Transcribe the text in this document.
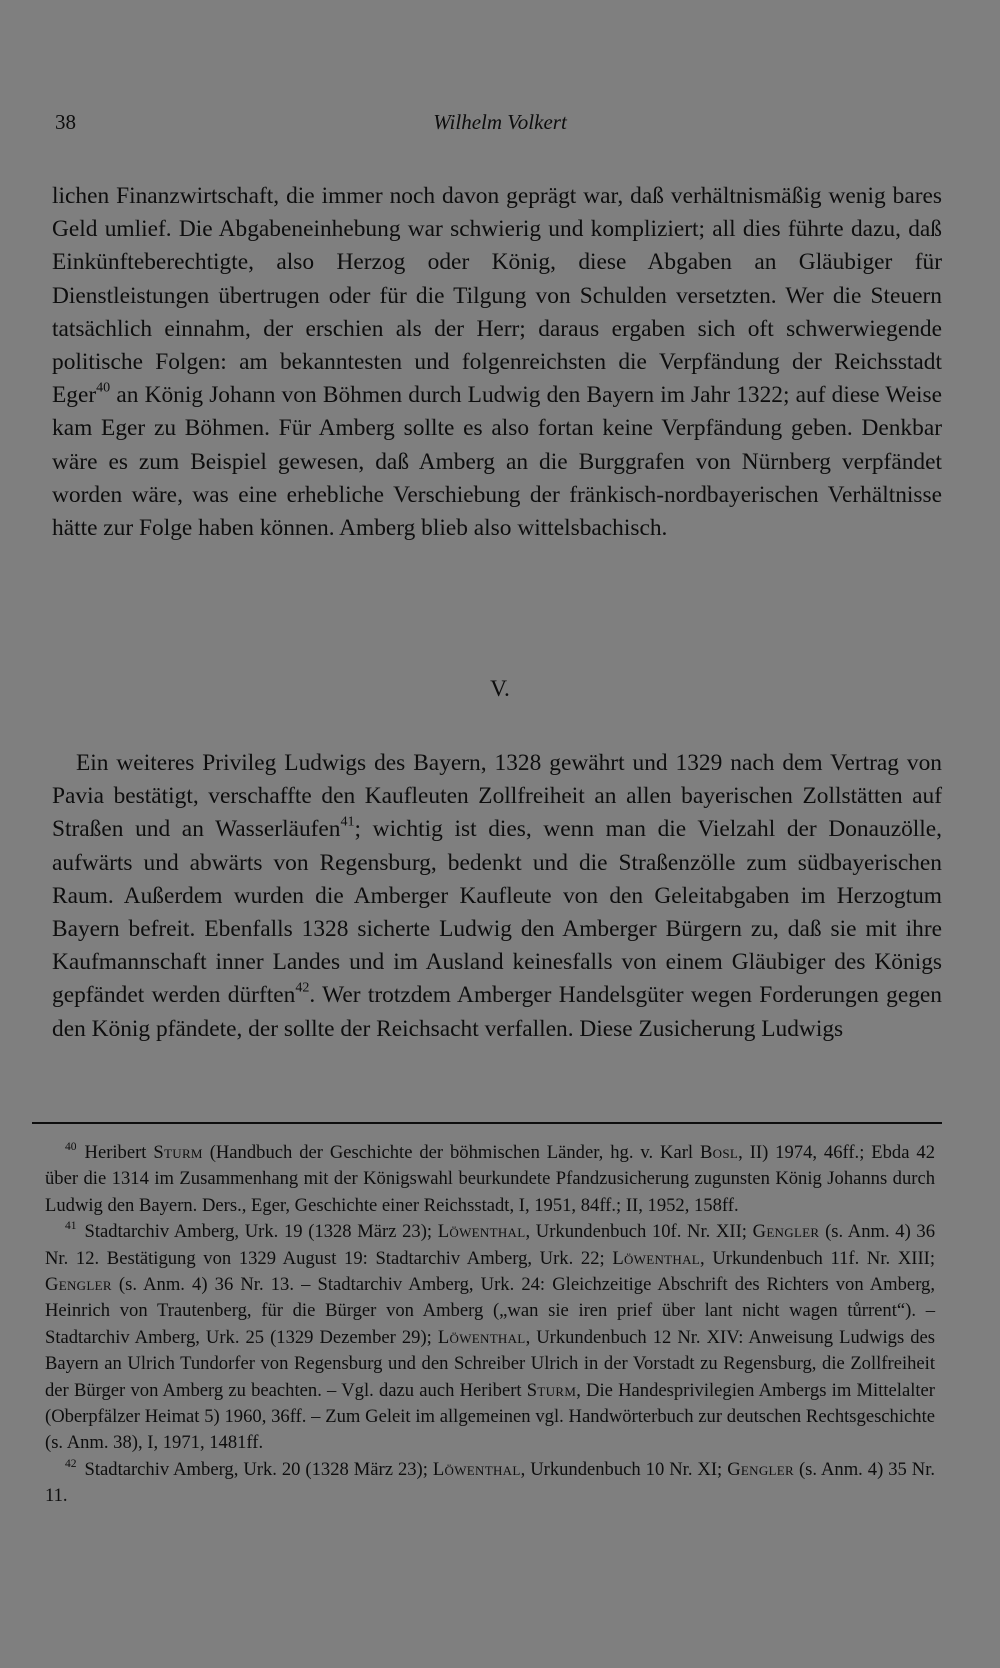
38	Wilhelm Volkert

lichen Finanzwirtschaft, die immer noch davon geprägt war, daß verhältnismäßig wenig bares Geld umlief. Die Abgabeneinhebung war schwierig und kompliziert; all dies führte dazu, daß Einkünfteberechtigte, also Herzog oder König, diese Abgaben an Gläubiger für Dienstleistungen übertrugen oder für die Tilgung von Schulden versetzten. Wer die Steuern tatsächlich einnahm, der erschien als der Herr; daraus ergaben sich oft schwerwiegende politische Folgen: am bekanntesten und folgenreichsten die Verpfändung der Reichsstadt Eger$^{40}$ an König Johann von Böhmen durch Ludwig den Bayern im Jahr 1322; auf diese Weise kam Eger zu Böhmen. Für Amberg sollte es also fortan keine Verpfändung geben. Denkbar wäre es zum Beispiel gewesen, daß Amberg an die Burggrafen von Nürnberg verpfändet worden wäre, was eine erhebliche Verschiebung der fränkisch-nordbayerischen Verhältnisse hätte zur Folge haben können. Amberg blieb also wittelsbachisch.

V.

Ein weiteres Privileg Ludwigs des Bayern, 1328 gewährt und 1329 nach dem Vertrag von Pavia bestätigt, verschaffte den Kaufleuten Zollfreiheit an allen bayerischen Zollstätten auf Straßen und an Wasserläufen$^{41}$; wichtig ist dies, wenn man die Vielzahl der Donauzölle, aufwärts und abwärts von Regensburg, bedenkt und die Straßenzölle zum südbayerischen Raum. Außerdem wurden die Amberger Kaufleute von den Geleitabgaben im Herzogtum Bayern befreit. Ebenfalls 1328 sicherte Ludwig den Amberger Bürgern zu, daß sie mit ihre Kaufmannschaft inner Landes und im Ausland keinesfalls von einem Gläubiger des Königs gepfändet werden dürften$^{42}$. Wer trotzdem Amberger Handelsgüter wegen Forderungen gegen den König pfändete, der sollte der Reichsacht verfallen. Diese Zusicherung Ludwigs

$^{40}$ Heribert Sturm (Handbuch der Geschichte der böhmischen Länder, hg. v. Karl Bosl, II) 1974, 46ff.; Ebda 42 über die 1314 im Zusammenhang mit der Königswahl beurkundete Pfandzusicherung zugunsten König Johanns durch Ludwig den Bayern. Ders., Eger, Geschichte einer Reichsstadt, I, 1951, 84ff.; II, 1952, 158ff.

$^{41}$ Stadtarchiv Amberg, Urk. 19 (1328 März 23); Löwenthal, Urkundenbuch 10f. Nr. XII; Gengler (s. Anm. 4) 36 Nr. 12. Bestätigung von 1329 August 19: Stadtarchiv Amberg, Urk. 22; Löwenthal, Urkundenbuch 11f. Nr. XIII; Gengler (s. Anm. 4) 36 Nr. 13. – Stadtarchiv Amberg, Urk. 24: Gleichzeitige Abschrift des Richters von Amberg, Heinrich von Trautenberg, für die Bürger von Amberg („wan sie iren prief über lant nicht wagen tůrrent“). – Stadtarchiv Amberg, Urk. 25 (1329 Dezember 29); Löwenthal, Urkundenbuch 12 Nr. XIV: Anweisung Ludwigs des Bayern an Ulrich Tundorfer von Regensburg und den Schreiber Ulrich in der Vorstadt zu Regensburg, die Zollfreiheit der Bürger von Amberg zu beachten. – Vgl. dazu auch Heribert Sturm, Die Handesprivilegien Ambergs im Mittelalter (Oberpfälzer Heimat 5) 1960, 36ff. – Zum Geleit im allgemeinen vgl. Handwörterbuch zur deutschen Rechtsgeschichte (s. Anm. 38), I, 1971, 1481ff.

$^{42}$ Stadtarchiv Amberg, Urk. 20 (1328 März 23); Löwenthal, Urkundenbuch 10 Nr. XI; Gengler (s. Anm. 4) 35 Nr. 11.
